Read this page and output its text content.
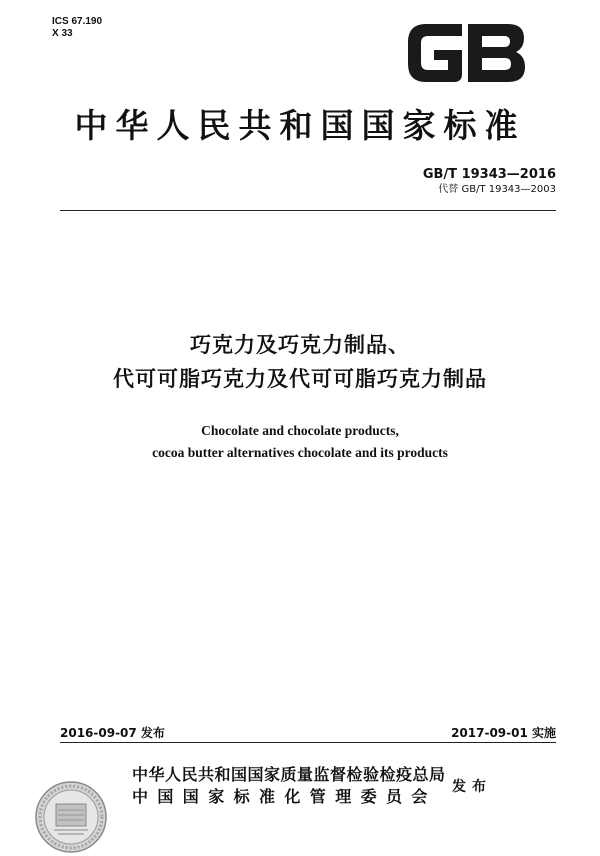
ICS 67.190
X 33
中华人民共和国国家标准
GB/T 19343—2016
代替 GB/T 19343—2003
巧克力及巧克力制品、
代可可脂巧克力及代可可脂巧克力制品
Chocolate and chocolate products,
cocoa butter alternatives chocolate and its products
2016-09-07 发布	2017-09-01 实施
中华人民共和国国家质量监督检验检疫总局
中国国家标准化管理委员会	发布
